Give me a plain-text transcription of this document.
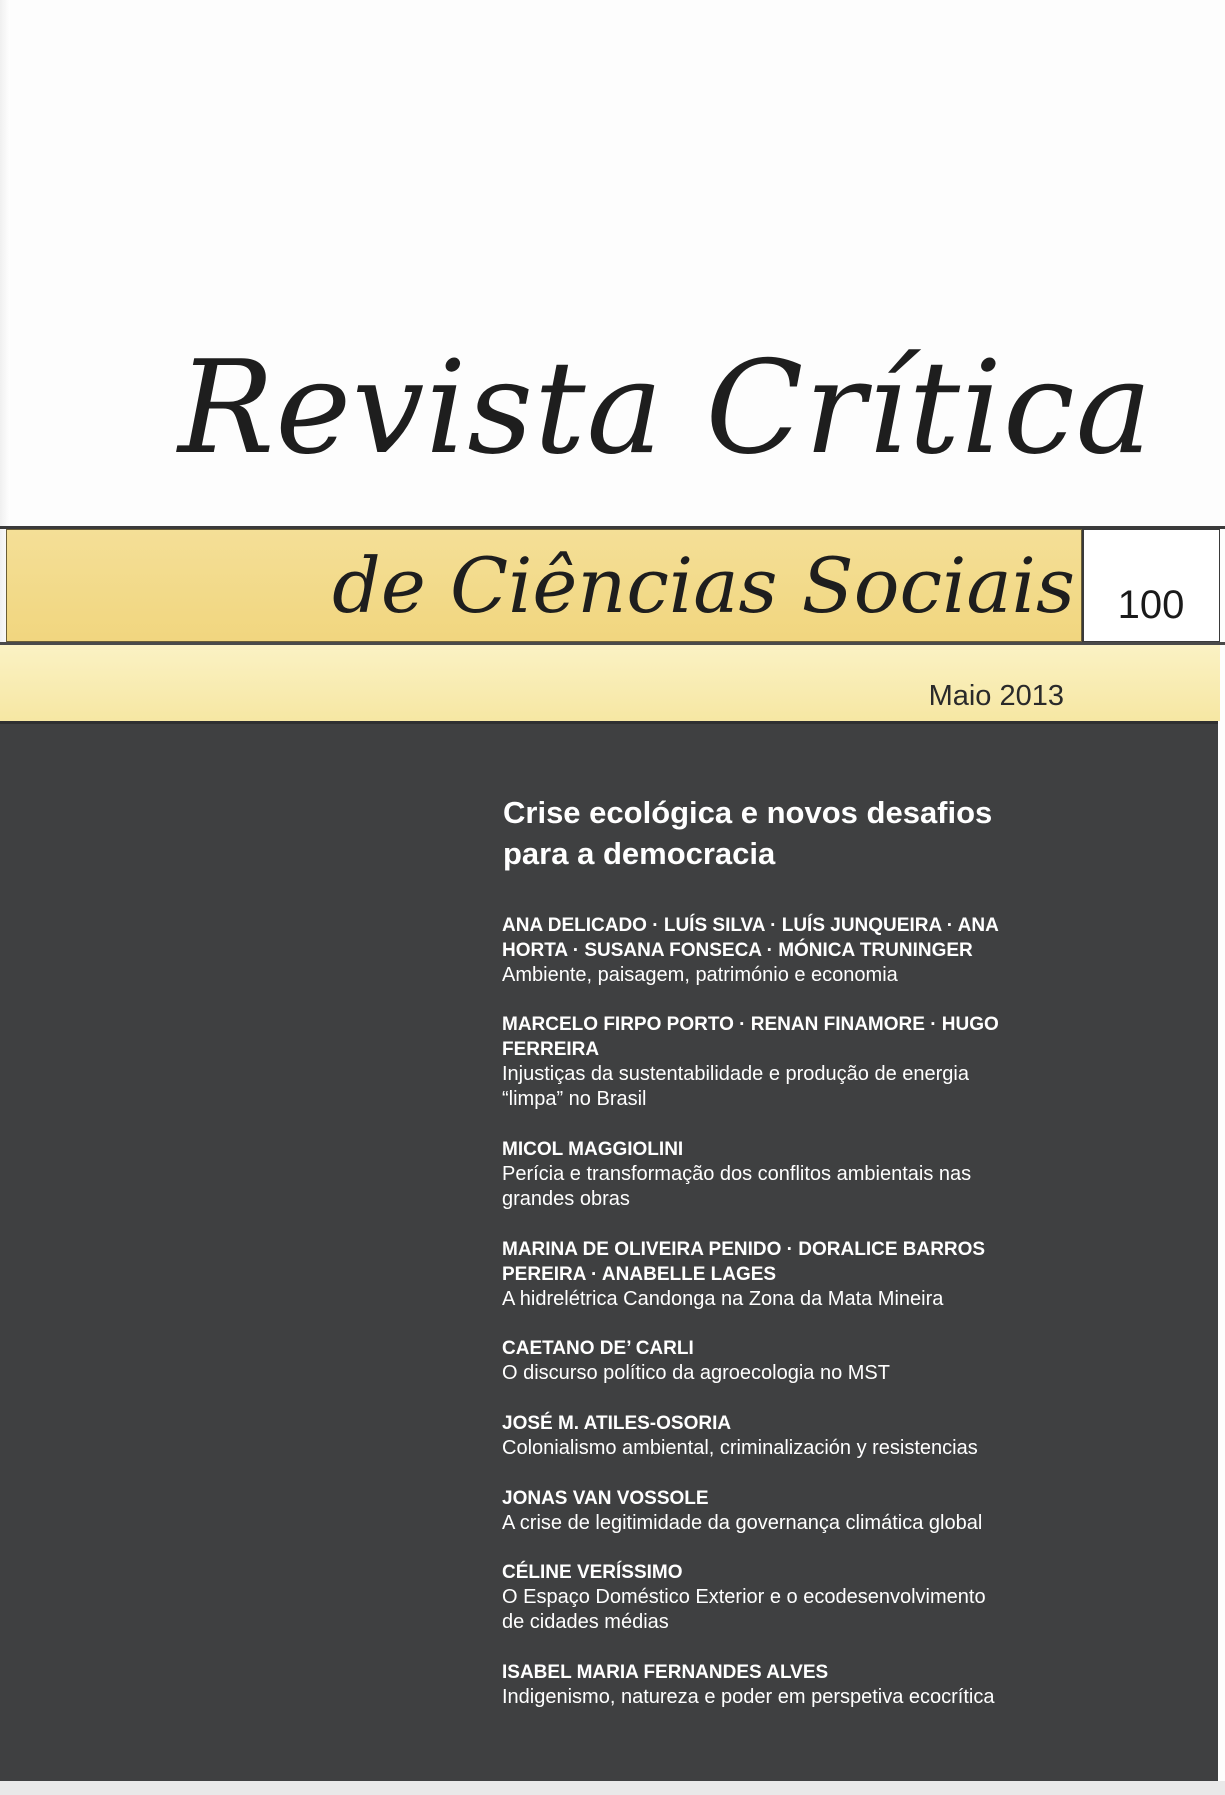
Revista Crítica
de Ciências Sociais	100
Maio 2013
Crise ecológica e novos desafios
para a democracia
ANA DELICADO · LUÍS SILVA · LUÍS JUNQUEIRA · ANA
HORTA · SUSANA FONSECA · MÓNICA TRUNINGER
Ambiente, paisagem, património e economia
MARCELO FIRPO PORTO · RENAN FINAMORE · HUGO
FERREIRA
Injustiças da sustentabilidade e produção de energia
“limpa” no Brasil
MICOL MAGGIOLINI
Perícia e transformação dos conflitos ambientais nas
grandes obras
MARINA DE OLIVEIRA PENIDO · DORALICE BARROS
PEREIRA · ANABELLE LAGES
A hidrelétrica Candonga na Zona da Mata Mineira
CAETANO DE’ CARLI
O discurso político da agroecologia no MST
JOSÉ M. ATILES-OSORIA
Colonialismo ambiental, criminalización y resistencias
JONAS VAN VOSSOLE
A crise de legitimidade da governança climática global
CÉLINE VERÍSSIMO
O Espaço Doméstico Exterior e o ecodesenvolvimento
de cidades médias
ISABEL MARIA FERNANDES ALVES
Indigenismo, natureza e poder em perspetiva ecocrítica
